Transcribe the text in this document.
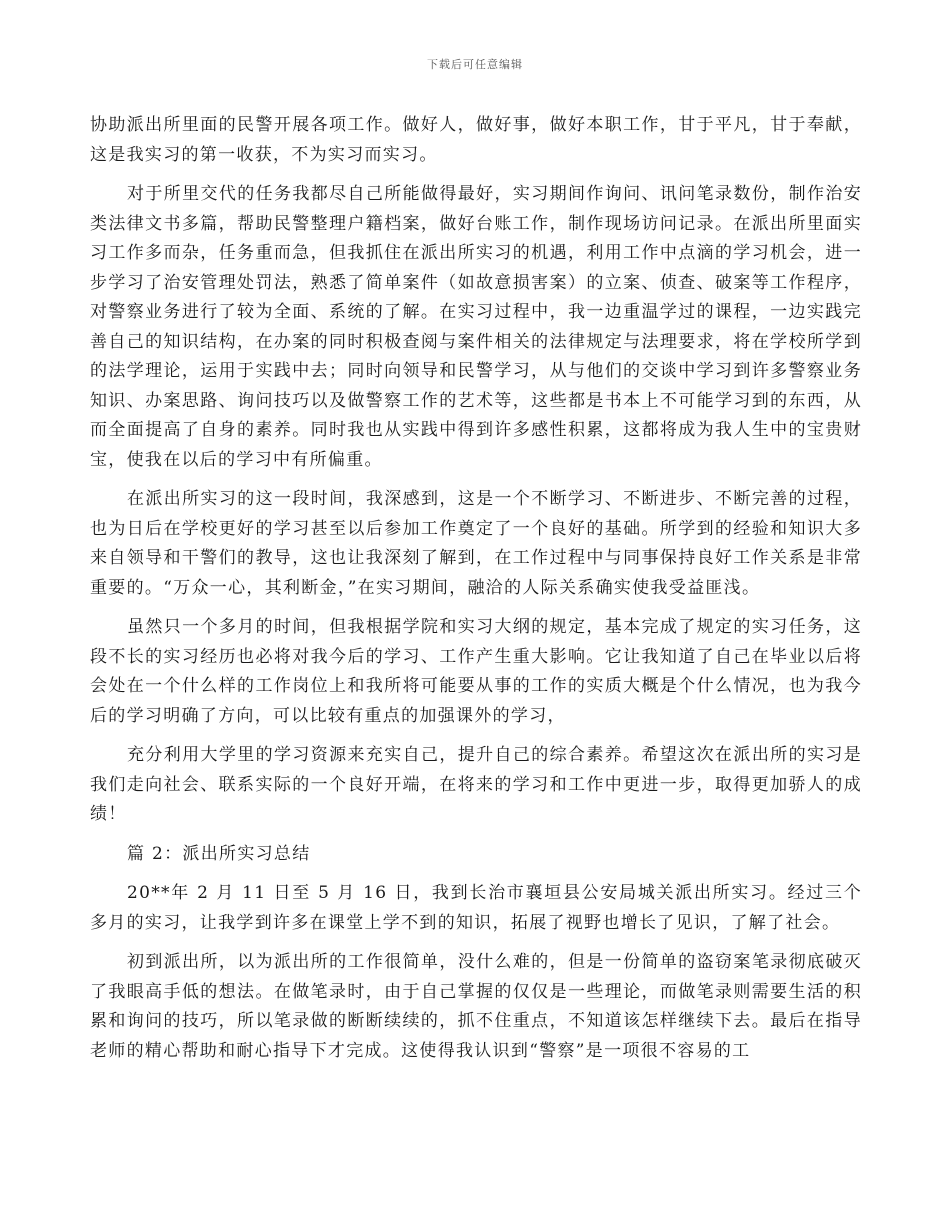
下载后可任意编辑

协助派出所里面的民警开展各项工作。做好人，做好事，做好本职工作，甘于平凡，甘于奉献，这是我实习的第一收获，不为实习而实习。

对于所里交代的任务我都尽自己所能做得最好，实习期间作询问、讯问笔录数份，制作治安类法律文书多篇，帮助民警整理户籍档案，做好台账工作，制作现场访问记录。在派出所里面实习工作多而杂，任务重而急，但我抓住在派出所实习的机遇，利用工作中点滴的学习机会，进一步学习了治安管理处罚法，熟悉了简单案件（如故意损害案）的立案、侦查、破案等工作程序，对警察业务进行了较为全面、系统的了解。在实习过程中，我一边重温学过的课程，一边实践完善自己的知识结构，在办案的同时积极查阅与案件相关的法律规定与法理要求，将在学校所学到的法学理论，运用于实践中去；同时向领导和民警学习，从与他们的交谈中学习到许多警察业务知识、办案思路、询问技巧以及做警察工作的艺术等，这些都是书本上不可能学习到的东西，从而全面提高了自身的素养。同时我也从实践中得到许多感性积累，这都将成为我人生中的宝贵财宝，使我在以后的学习中有所偏重。

在派出所实习的这一段时间，我深感到，这是一个不断学习、不断进步、不断完善的过程，也为日后在学校更好的学习甚至以后参加工作奠定了一个良好的基础。所学到的经验和知识大多来自领导和干警们的教导，这也让我深刻了解到，在工作过程中与同事保持良好工作关系是非常重要的。“万众一心，其利断金，”在实习期间，融洽的人际关系确实使我受益匪浅。

虽然只一个多月的时间，但我根据学院和实习大纲的规定，基本完成了规定的实习任务，这段不长的实习经历也必将对我今后的学习、工作产生重大影响。它让我知道了自己在毕业以后将会处在一个什么样的工作岗位上和我所将可能要从事的工作的实质大概是个什么情况，也为我今后的学习明确了方向，可以比较有重点的加强课外的学习，

充分利用大学里的学习资源来充实自己，提升自己的综合素养。希望这次在派出所的实习是我们走向社会、联系实际的一个良好开端，在将来的学习和工作中更进一步，取得更加骄人的成绩！

篇 2：派出所实习总结

20**年 2 月 11 日至 5 月 16 日，我到长治市襄垣县公安局城关派出所实习。经过三个多月的实习，让我学到许多在课堂上学不到的知识，拓展了视野也增长了见识，了解了社会。

初到派出所，以为派出所的工作很简单，没什么难的，但是一份简单的盗窃案笔录彻底破灭了我眼高手低的想法。在做笔录时，由于自己掌握的仅仅是一些理论，而做笔录则需要生活的积累和询问的技巧，所以笔录做的断断续续的，抓不住重点，不知道该怎样继续下去。最后在指导老师的精心帮助和耐心指导下才完成。这使得我认识到“警察”是一项很不容易的工
